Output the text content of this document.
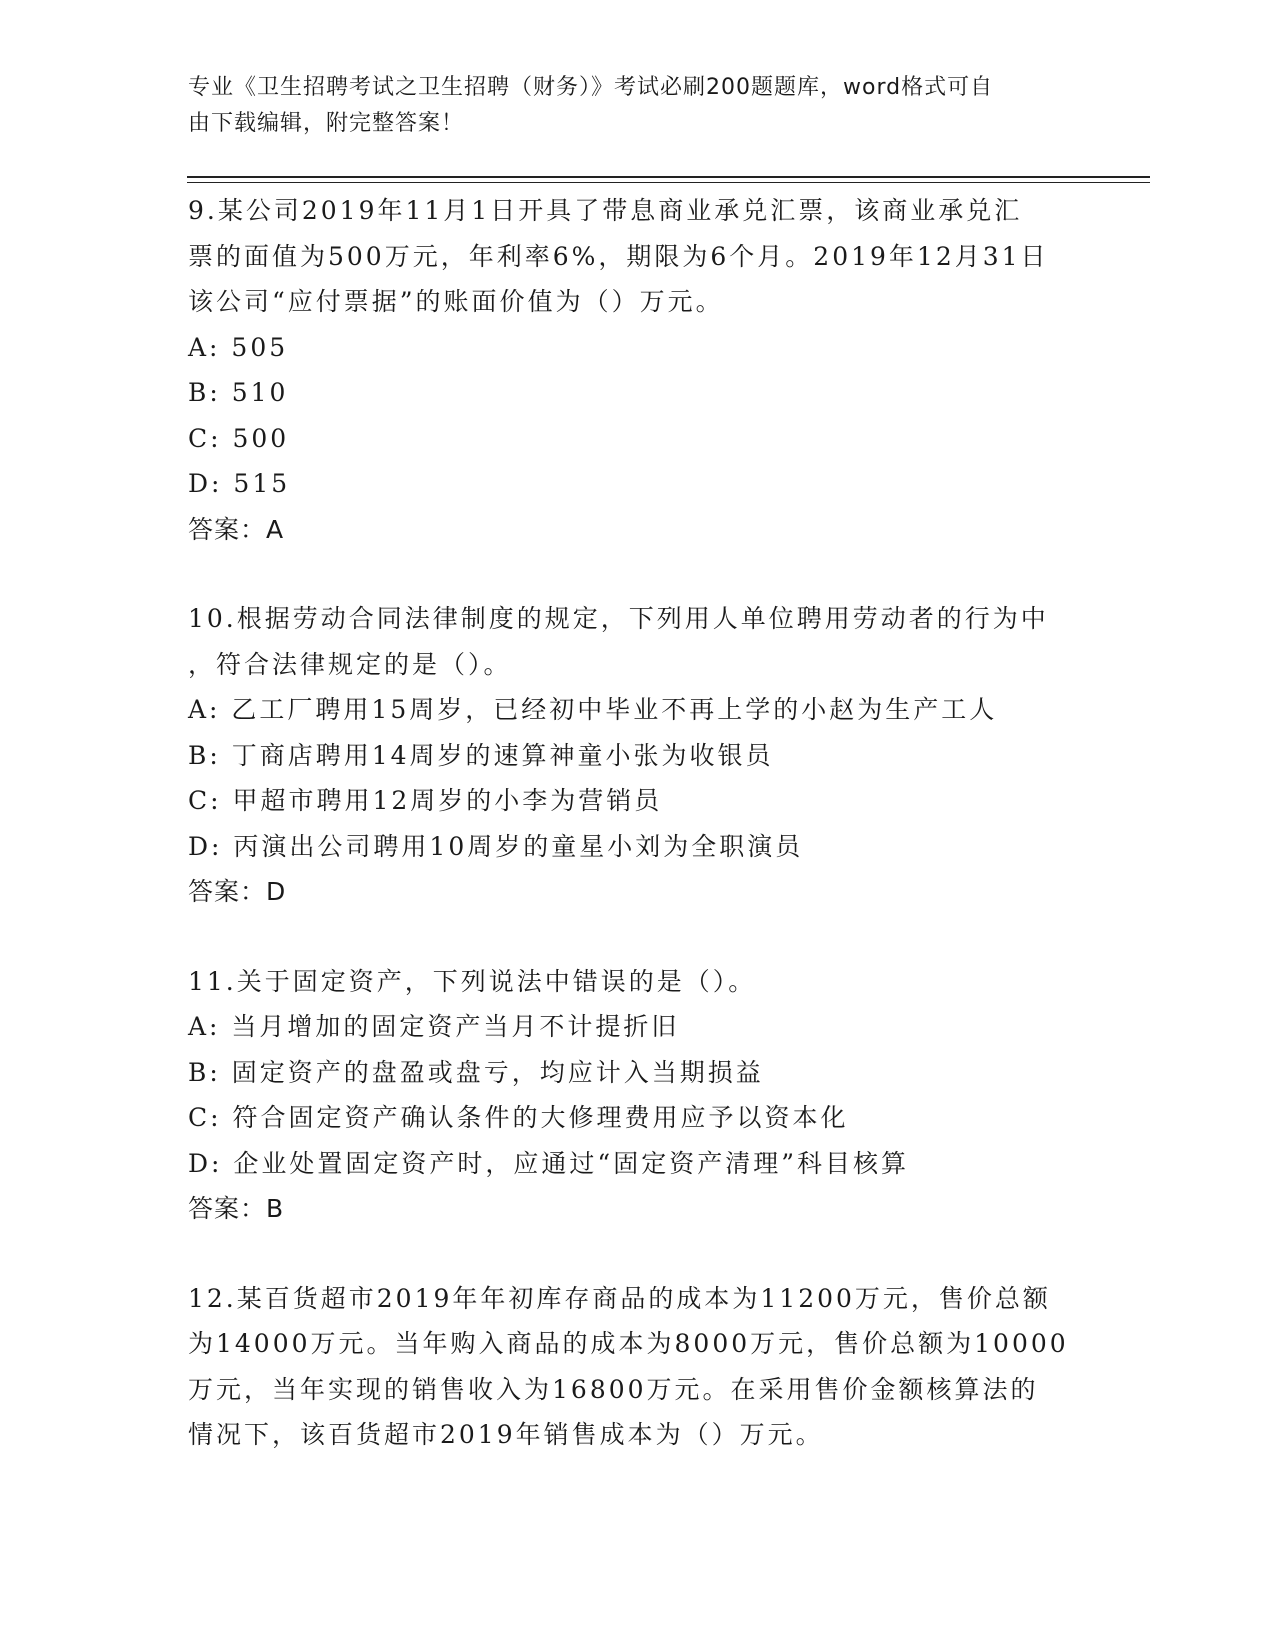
专业《卫生招聘考试之卫生招聘（财务）》考试必刷200题题库，word格式可自
由下载编辑，附完整答案！
9.某公司2019年11月1日开具了带息商业承兑汇票，该商业承兑汇
票的面值为500万元，年利率6%，期限为6个月。2019年12月31日
该公司“应付票据”的账面价值为（）万元。
A: 505
B: 510
C: 500
D: 515
答案：A
10.根据劳动合同法律制度的规定，下列用人单位聘用劳动者的行为中
，符合法律规定的是（）。
A: 乙工厂聘用15周岁，已经初中毕业不再上学的小赵为生产工人
B: 丁商店聘用14周岁的速算神童小张为收银员
C: 甲超市聘用12周岁的小李为营销员
D: 丙演出公司聘用10周岁的童星小刘为全职演员
答案：D
11.关于固定资产，下列说法中错误的是（）。
A: 当月增加的固定资产当月不计提折旧
B: 固定资产的盘盈或盘亏，均应计入当期损益
C: 符合固定资产确认条件的大修理费用应予以资本化
D: 企业处置固定资产时，应通过“固定资产清理”科目核算
答案：B
12.某百货超市2019年年初库存商品的成本为11200万元，售价总额
为14000万元。当年购入商品的成本为8000万元，售价总额为10000
万元，当年实现的销售收入为16800万元。在采用售价金额核算法的
情况下，该百货超市2019年销售成本为（）万元。
